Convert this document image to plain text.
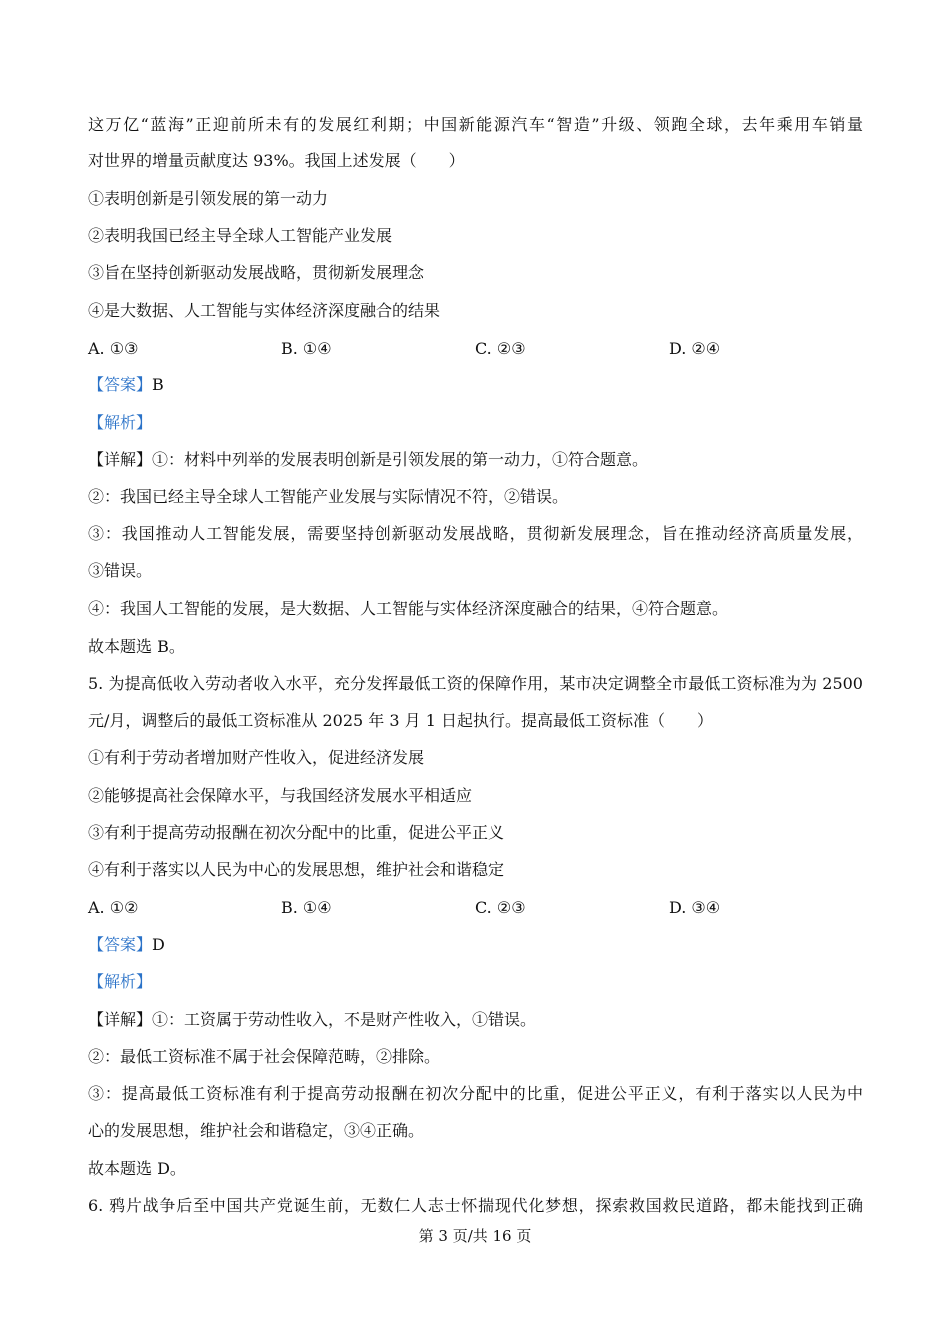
这万亿“蓝海”正迎前所未有的发展红利期；中国新能源汽车“智造”升级、领跑全球，去年乘用车销量
对世界的增量贡献度达 93%。我国上述发展（　　）
①表明创新是引领发展的第一动力
②表明我国已经主导全球人工智能产业发展
③旨在坚持创新驱动发展战略，贯彻新发展理念
④是大数据、人工智能与实体经济深度融合的结果
A. ①③	B. ①④	C. ②③	D. ②④
【答案】B
【解析】
【详解】①：材料中列举的发展表明创新是引领发展的第一动力，①符合题意。
②：我国已经主导全球人工智能产业发展与实际情况不符，②错误。
③：我国推动人工智能发展，需要坚持创新驱动发展战略，贯彻新发展理念，旨在推动经济高质量发展，
③错误。
④：我国人工智能的发展，是大数据、人工智能与实体经济深度融合的结果，④符合题意。
故本题选 B。
5. 为提高低收入劳动者收入水平，充分发挥最低工资的保障作用，某市决定调整全市最低工资标准为为 2500
元/月，调整后的最低工资标准从 2025 年 3 月 1 日起执行。提高最低工资标准（　　）
①有利于劳动者增加财产性收入，促进经济发展
②能够提高社会保障水平，与我国经济发展水平相适应
③有利于提高劳动报酬在初次分配中的比重，促进公平正义
④有利于落实以人民为中心的发展思想，维护社会和谐稳定
A. ①②	B. ①④	C. ②③	D. ③④
【答案】D
【解析】
【详解】①：工资属于劳动性收入，不是财产性收入，①错误。
②：最低工资标准不属于社会保障范畴，②排除。
③：提高最低工资标准有利于提高劳动报酬在初次分配中的比重，促进公平正义，有利于落实以人民为中
心的发展思想，维护社会和谐稳定，③④正确。
故本题选 D。
6. 鸦片战争后至中国共产党诞生前，无数仁人志士怀揣现代化梦想，探索救国救民道路，都未能找到正确
第 3 页/共 16 页
